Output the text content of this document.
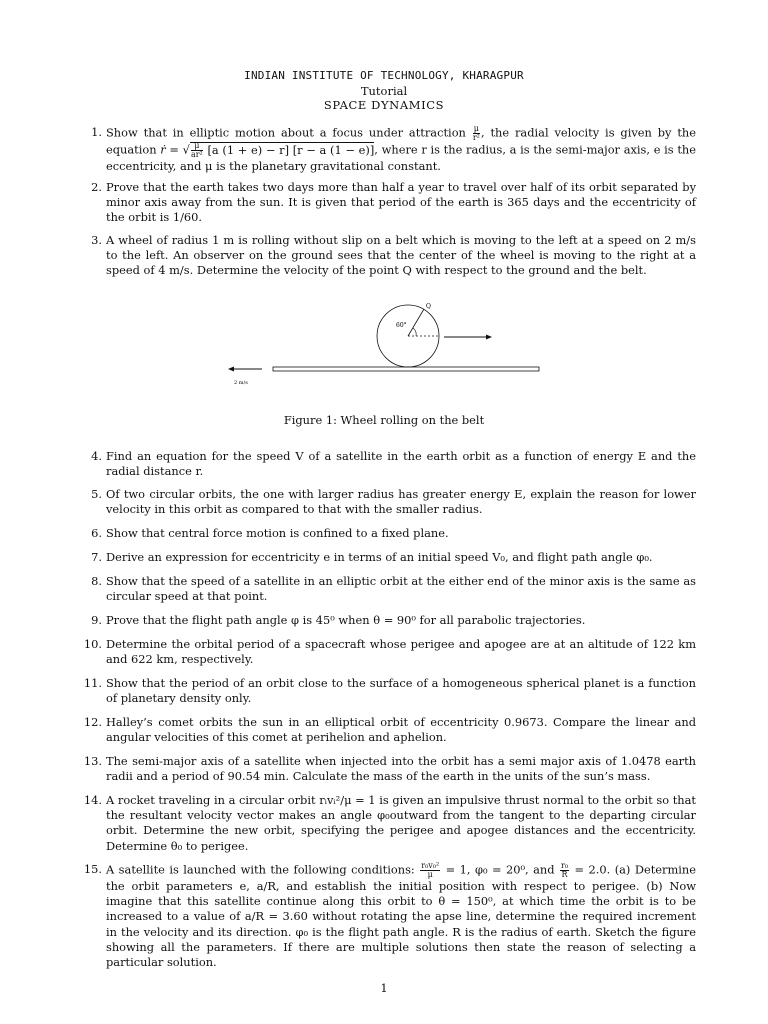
INDIAN INSTITUTE OF TECHNOLOGY, KHARAGPUR
Tutorial
SPACE DYNAMICS
1. Show that in elliptic motion about a focus under attraction $\frac{\mu}{\text{r²}}$ , the radial velocity is given by the equation ṙ = √ $\frac{\mu}{\text{ar²}} [a$ (1 + e) − r] [r − a (1 − e)], where r is the radius, a is the semi-major axis, e is the eccentricity, and μ is the planetary gravitational constant.
2. Prove that the earth takes two days more than half a year to travel over half of its orbit separated by minor axis away from the sun. It is given that period of the earth is 365 days and the eccentricity of the orbit is 1/60.
3. A wheel of radius 1 m is rolling without slip on a belt which is moving to the left at a speed on 2 m/s to the left. An observer on the ground sees that the center of the wheel is moving to the right at a speed of 4 m/s. Determine the velocity of the point Q with respect to the ground and the belt.
Q
60°
2 m/s
Figure 1: Wheel rolling on the belt
4. Find an equation for the speed V of a satellite in the earth orbit as a function of energy E and the radial distance r.
5. Of two circular orbits, the one with larger radius has greater energy E, explain the reason for lower velocity in this orbit as compared to that with the smaller radius.
6. Show that central force motion is confined to a fixed plane.
7. Derive an expression for eccentricity e in terms of an initial speed V₀, and flight path angle φ₀.
8. Show that the speed of a satellite in an elliptic orbit at the either end of the minor axis is the same as circular speed at that point.
9. Prove that the flight path angle φ is 45⁰ when θ = 90⁰ for all parabolic trajectories.
10. Determine the orbital period of a spacecraft whose perigee and apogee are at an altitude of 122 km and 622 km, respectively.
11. Show that the period of an orbit close to the surface of a homogeneous spherical planet is a function of planetary density only.
12. Halley’s comet orbits the sun in an elliptical orbit of eccentricity 0.9673. Compare the linear and angular velocities of this comet at perihelion and aphelion.
13. The semi-major axis of a satellite when injected into the orbit has a semi major axis of 1.0478 earth radii and a period of 90.54 min. Calculate the mass of the earth in the units of the sun’s mass.
14. A rocket traveling in a circular orbit rᵢvᵢ²/μ = 1 is given an impulsive thrust normal to the orbit so that the resultant velocity vector makes an angle φ₀outward from the tangent to the departing circular orbit. Determine the new orbit, specifying the perigee and apogee distances and the eccentricity. Determine θ₀ to perigee.
15. A satellite is launched with the following conditions: $\frac{\text{r₀v₀²}}{\mu} = 1$, φ₀ = 20⁰, and $\frac{\text{r₀}}{R} = 2.0$. (a) Determine the orbit parameters e, a/R, and establish the initial position with respect to perigee. (b) Now imagine that this satellite continue along this orbit to θ = 150⁰, at which time the orbit is to be increased to a value of a/R = 3.60 without rotating the apse line, determine the required increment in the velocity and its direction. φ₀ is the flight path angle. R is the radius of earth. Sketch the figure showing all the parameters. If there are multiple solutions then state the reason of selecting a particular solution.
1
